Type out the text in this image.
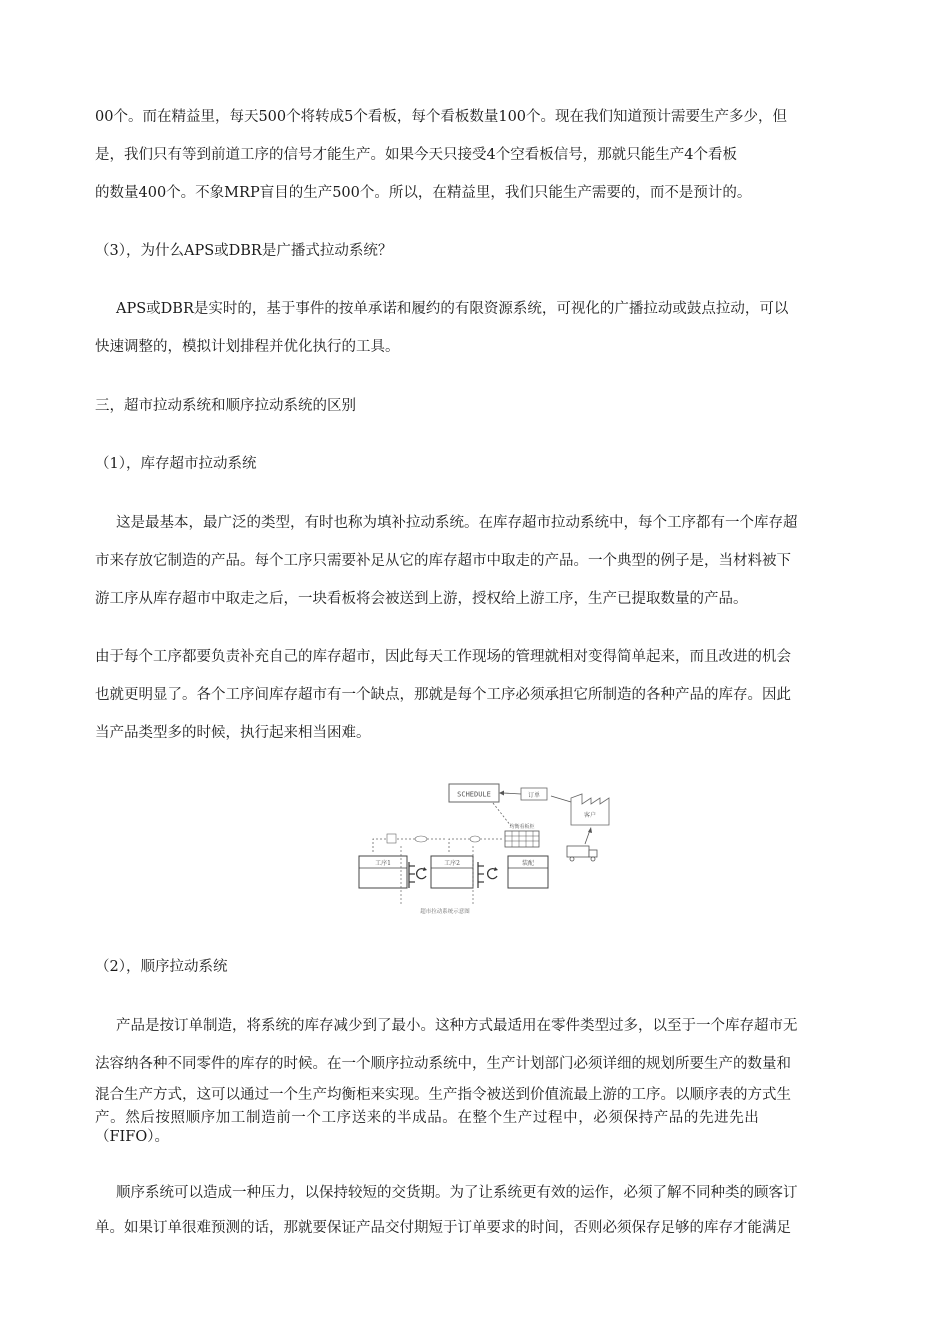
00个。而在精益里，每天500个将转成5个看板，每个看板数量100个。现在我们知道预计需要生产多少，但
是，我们只有等到前道工序的信号才能生产。如果今天只接受4个空看板信号，那就只能生产4个看板
的数量400个。不象MRP盲目的生产500个。所以，在精益里，我们只能生产需要的，而不是预计的。
（3），为什么APS或DBR是广播式拉动系统？
APS或DBR是实时的，基于事件的按单承诺和履约的有限资源系统，可视化的广播拉动或鼓点拉动，可以
快速调整的，模拟计划排程并优化执行的工具。
三，超市拉动系统和顺序拉动系统的区别
（1），库存超市拉动系统
这是最基本，最广泛的类型，有时也称为填补拉动系统。在库存超市拉动系统中，每个工序都有一个库存超
市来存放它制造的产品。每个工序只需要补足从它的库存超市中取走的产品。一个典型的例子是，当材料被下
游工序从库存超市中取走之后，一块看板将会被送到上游，授权给上游工序，生产已提取数量的产品。
由于每个工序都要负责补充自己的库存超市，因此每天工作现场的管理就相对变得简单起来，而且改进的机会
也就更明显了。各个工序间库存超市有一个缺点，那就是每个工序必须承担它所制造的各种产品的库存。因此
当产品类型多的时候，执行起来相当困难。
SCHEDULE	订单
客户
均衡看板柜
工序1	工序2	装配
超市拉动系统示意图
（2），顺序拉动系统
产品是按订单制造，将系统的库存减少到了最小。这种方式最适用在零件类型过多，以至于一个库存超市无
法容纳各种不同零件的库存的时候。在一个顺序拉动系统中，生产计划部门必须详细的规划所要生产的数量和
混合生产方式，这可以通过一个生产均衡柜来实现。生产指令被送到价值流最上游的工序。以顺序表的方式生
产。然后按照顺序加工制造前一个工序送来的半成品。在整个生产过程中，必须保持产品的先进先出
（FIFO）。
顺序系统可以造成一种压力，以保持较短的交货期。为了让系统更有效的运作，必须了解不同种类的顾客订
单。如果订单很难预测的话，那就要保证产品交付期短于订单要求的时间，否则必须保存足够的库存才能满足
